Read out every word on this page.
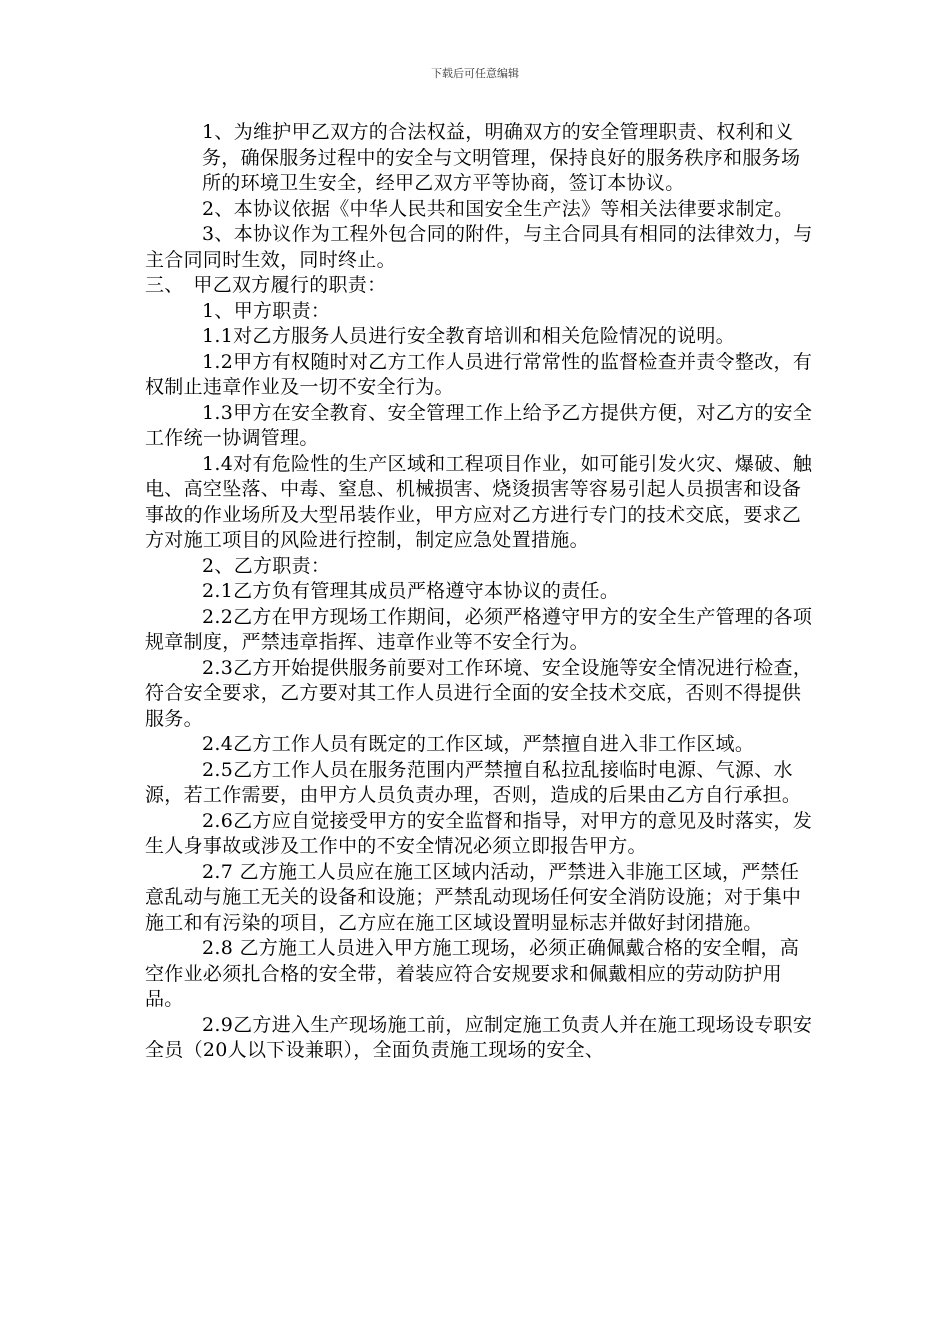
下载后可任意编辑

1、为维护甲乙双方的合法权益，明确双方的安全管理职责、权利和义务，确保服务过程中的安全与文明管理，保持良好的服务秩序和服务场所的环境卫生安全，经甲乙双方平等协商，签订本协议。

2、本协议依据《中华人民共和国安全生产法》等相关法律要求制定。

3、本协议作为工程外包合同的附件，与主合同具有相同的法律效力，与主合同同时生效，同时终止。

三、　甲乙双方履行的职责：

1、甲方职责：

1.1对乙方服务人员进行安全教育培训和相关危险情况的说明。

1.2甲方有权随时对乙方工作人员进行常常性的监督检查并责令整改，有权制止违章作业及一切不安全行为。

1.3甲方在安全教育、安全管理工作上给予乙方提供方便，对乙方的安全工作统一协调管理。

1.4对有危险性的生产区域和工程项目作业，如可能引发火灾、爆破、触电、高空坠落、中毒、窒息、机械损害、烧烫损害等容易引起人员损害和设备事故的作业场所及大型吊装作业，甲方应对乙方进行专门的技术交底，要求乙方对施工项目的风险进行控制，制定应急处置措施。

2、乙方职责：

2.1乙方负有管理其成员严格遵守本协议的责任。

2.2乙方在甲方现场工作期间，必须严格遵守甲方的安全生产管理的各项规章制度，严禁违章指挥、违章作业等不安全行为。

2.3乙方开始提供服务前要对工作环境、安全设施等安全情况进行检查，符合安全要求，乙方要对其工作人员进行全面的安全技术交底，否则不得提供服务。

2.4乙方工作人员有既定的工作区域，严禁擅自进入非工作区域。

2.5乙方工作人员在服务范围内严禁擅自私拉乱接临时电源、气源、水源，若工作需要，由甲方人员负责办理，否则，造成的后果由乙方自行承担。

2.6乙方应自觉接受甲方的安全监督和指导，对甲方的意见及时落实，发生人身事故或涉及工作中的不安全情况必须立即报告甲方。

2.7 乙方施工人员应在施工区域内活动，严禁进入非施工区域，严禁任意乱动与施工无关的设备和设施；严禁乱动现场任何安全消防设施；对于集中施工和有污染的项目，乙方应在施工区域设置明显标志并做好封闭措施。

2.8 乙方施工人员进入甲方施工现场，必须正确佩戴合格的安全帽，高空作业必须扎合格的安全带，着装应符合安规要求和佩戴相应的劳动防护用品。

2.9乙方进入生产现场施工前，应制定施工负责人并在施工现场设专职安全员（20人以下设兼职），全面负责施工现场的安全、
